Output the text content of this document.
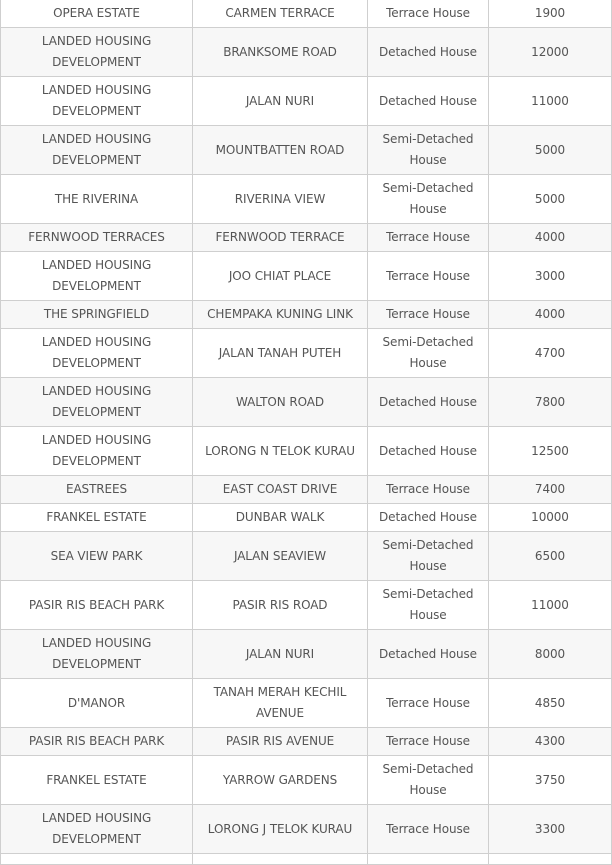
OPERA ESTATE	CARMEN TERRACE	Terrace House	1900
LANDED HOUSING DEVELOPMENT	BRANKSOME ROAD	Detached House	12000
LANDED HOUSING DEVELOPMENT	JALAN NURI	Detached House	11000
LANDED HOUSING DEVELOPMENT	MOUNTBATTEN ROAD	Semi-Detached House	5000
THE RIVERINA	RIVERINA VIEW	Semi-Detached House	5000
FERNWOOD TERRACES	FERNWOOD TERRACE	Terrace House	4000
LANDED HOUSING DEVELOPMENT	JOO CHIAT PLACE	Terrace House	3000
THE SPRINGFIELD	CHEMPAKA KUNING LINK	Terrace House	4000
LANDED HOUSING DEVELOPMENT	JALAN TANAH PUTEH	Semi-Detached House	4700
LANDED HOUSING DEVELOPMENT	WALTON ROAD	Detached House	7800
LANDED HOUSING DEVELOPMENT	LORONG N TELOK KURAU	Detached House	12500
EASTREES	EAST COAST DRIVE	Terrace House	7400
FRANKEL ESTATE	DUNBAR WALK	Detached House	10000
SEA VIEW PARK	JALAN SEAVIEW	Semi-Detached House	6500
PASIR RIS BEACH PARK	PASIR RIS ROAD	Semi-Detached House	11000
LANDED HOUSING DEVELOPMENT	JALAN NURI	Detached House	8000
D'MANOR	TANAH MERAH KECHIL AVENUE	Terrace House	4850
PASIR RIS BEACH PARK	PASIR RIS AVENUE	Terrace House	4300
FRANKEL ESTATE	YARROW GARDENS	Semi-Detached House	3750
LANDED HOUSING DEVELOPMENT	LORONG J TELOK KURAU	Terrace House	3300
